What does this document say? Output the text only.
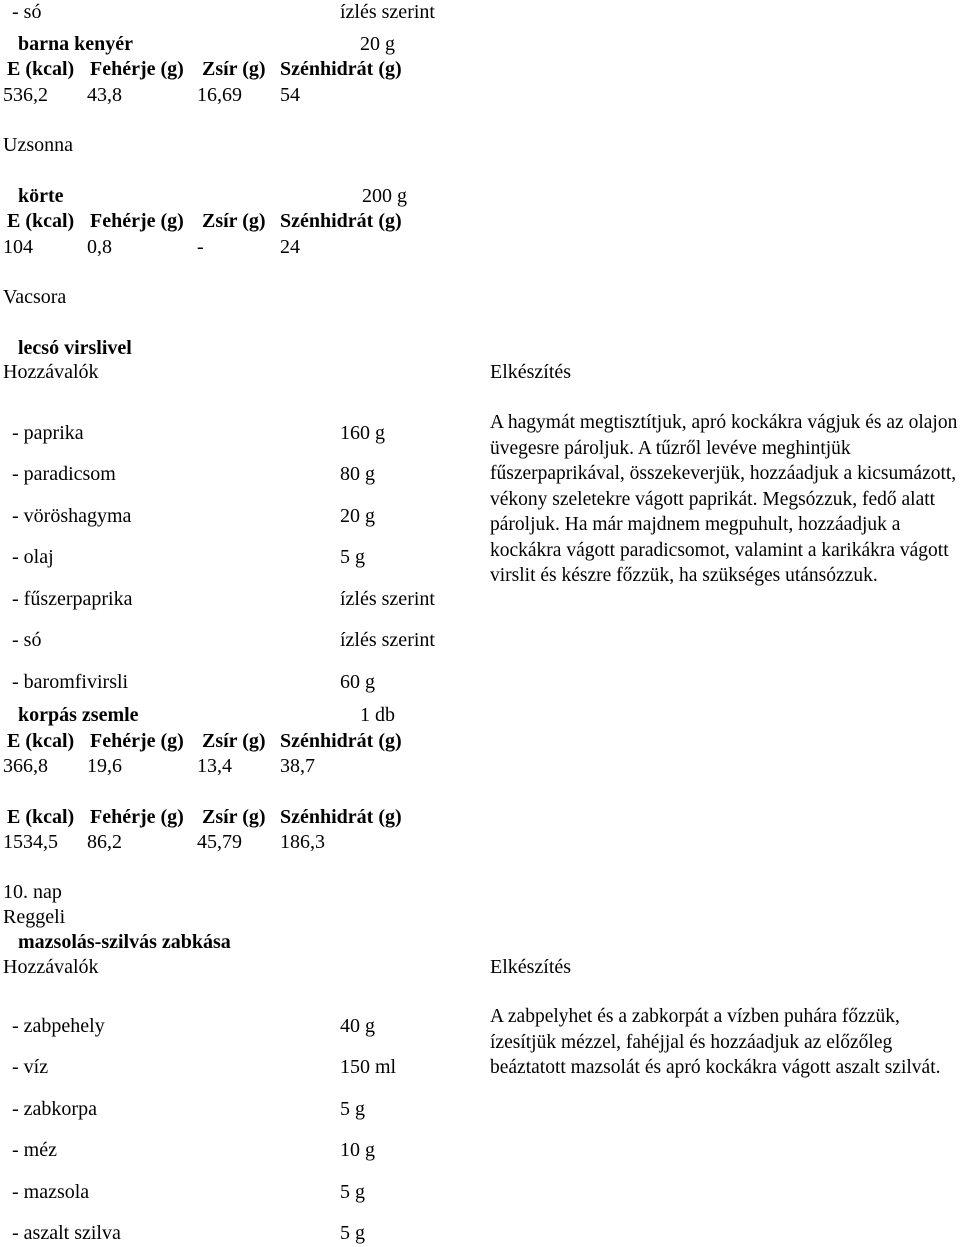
- só	ízlés szerint
barna kenyér	20 g
E (kcal) Fehérje (g) Zsír (g) Szénhidrát (g)
536,2 43,8	16,69 54
Uzsonna
körte	200 g
E (kcal) Fehérje (g) Zsír (g) Szénhidrát (g)
104	0,8	-	24
Vacsora
lecsó virslivel
Hozzávalók	Elkészítés
- paprika	160 g
- paradicsom	80 g
- vöröshagyma	20 g
- olaj	5 g
- fűszerpaprika	ízlés szerint
- só	ízlés szerint
- baromfivirsli	60 g
A hagymát megtisztítjuk, apró kockákra vágjuk és az olajon üvegesre pároljuk. A tűzről levéve meghintjük fűszerpaprikával, összekeverjük, hozzáadjuk a kicsumázott, vékony szeletekre vágott paprikát. Megsózzuk, fedő alatt pároljuk. Ha már majdnem megpuhult, hozzáadjuk a kockákra vágott paradicsomot, valamint a karikákra vágott virslit és készre főzzük, ha szükséges utánsózzuk.
korpás zsemle	1 db
E (kcal) Fehérje (g) Zsír (g) Szénhidrát (g)
366,8 19,6	13,4 38,7
E (kcal) Fehérje (g) Zsír (g) Szénhidrát (g)
1534,5 86,2	45,79 186,3
10. nap
Reggeli
mazsolás-szilvás zabkása
Hozzávalók	Elkészítés
- zabpehely	40 g
- víz	150 ml
- zabkorpa	5 g
- méz	10 g
- mazsola	5 g
- aszalt szilva	5 g
A zabpelyhet és a zabkorpát a vízben puhára főzzük, ízesítjük mézzel, fahéjjal és hozzáadjuk az előzőleg beáztatott mazsolát és apró kockákra vágott aszalt szilvát.
